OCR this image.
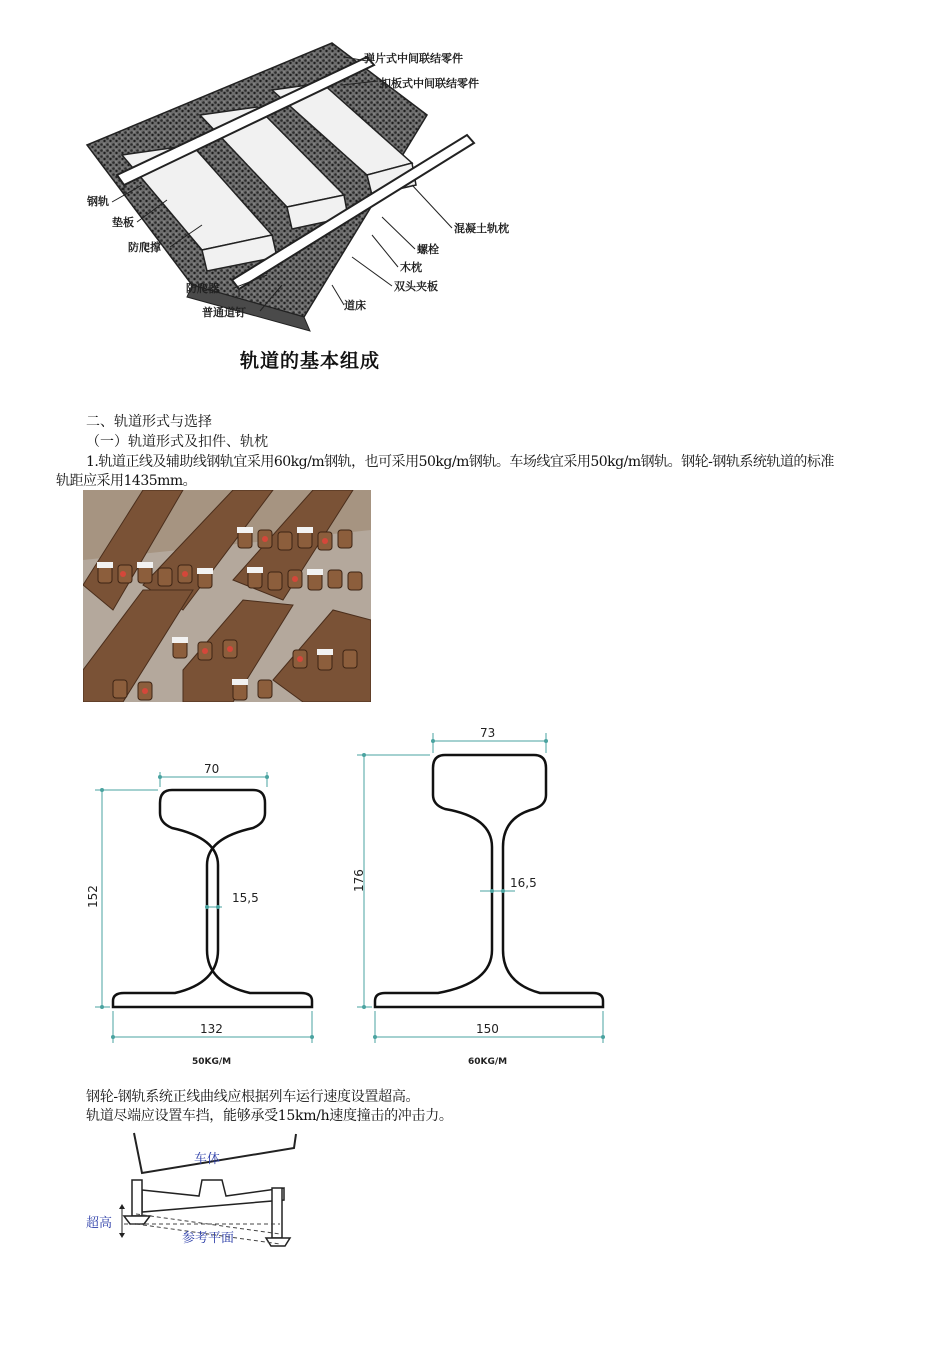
弹片式中间联结零件
扣板式中间联结零件
钢轨
垫板
防爬撑
混凝土轨枕
螺栓
木枕
双头夹板
防爬器
道床
普通道钉
轨道的基本组成
二、轨道形式与选择
（一）轨道形式及扣件、轨枕
1.轨道正线及辅助线钢轨宜采用60kg/m钢轨，也可采用50kg/m钢轨。车场线宜采用50kg/m钢轨。钢轮-钢轨系统轨道的标准
轨距应采用1435mm。
70
152	15,5
132
50KG/M
73
176	16,5
150
60KG/M
钢轮-钢轨系统正线曲线应根据列车运行速度设置超高。
轨道尽端应设置车挡，能够承受15km/h速度撞击的冲击力。
车体
超高
参考平面
